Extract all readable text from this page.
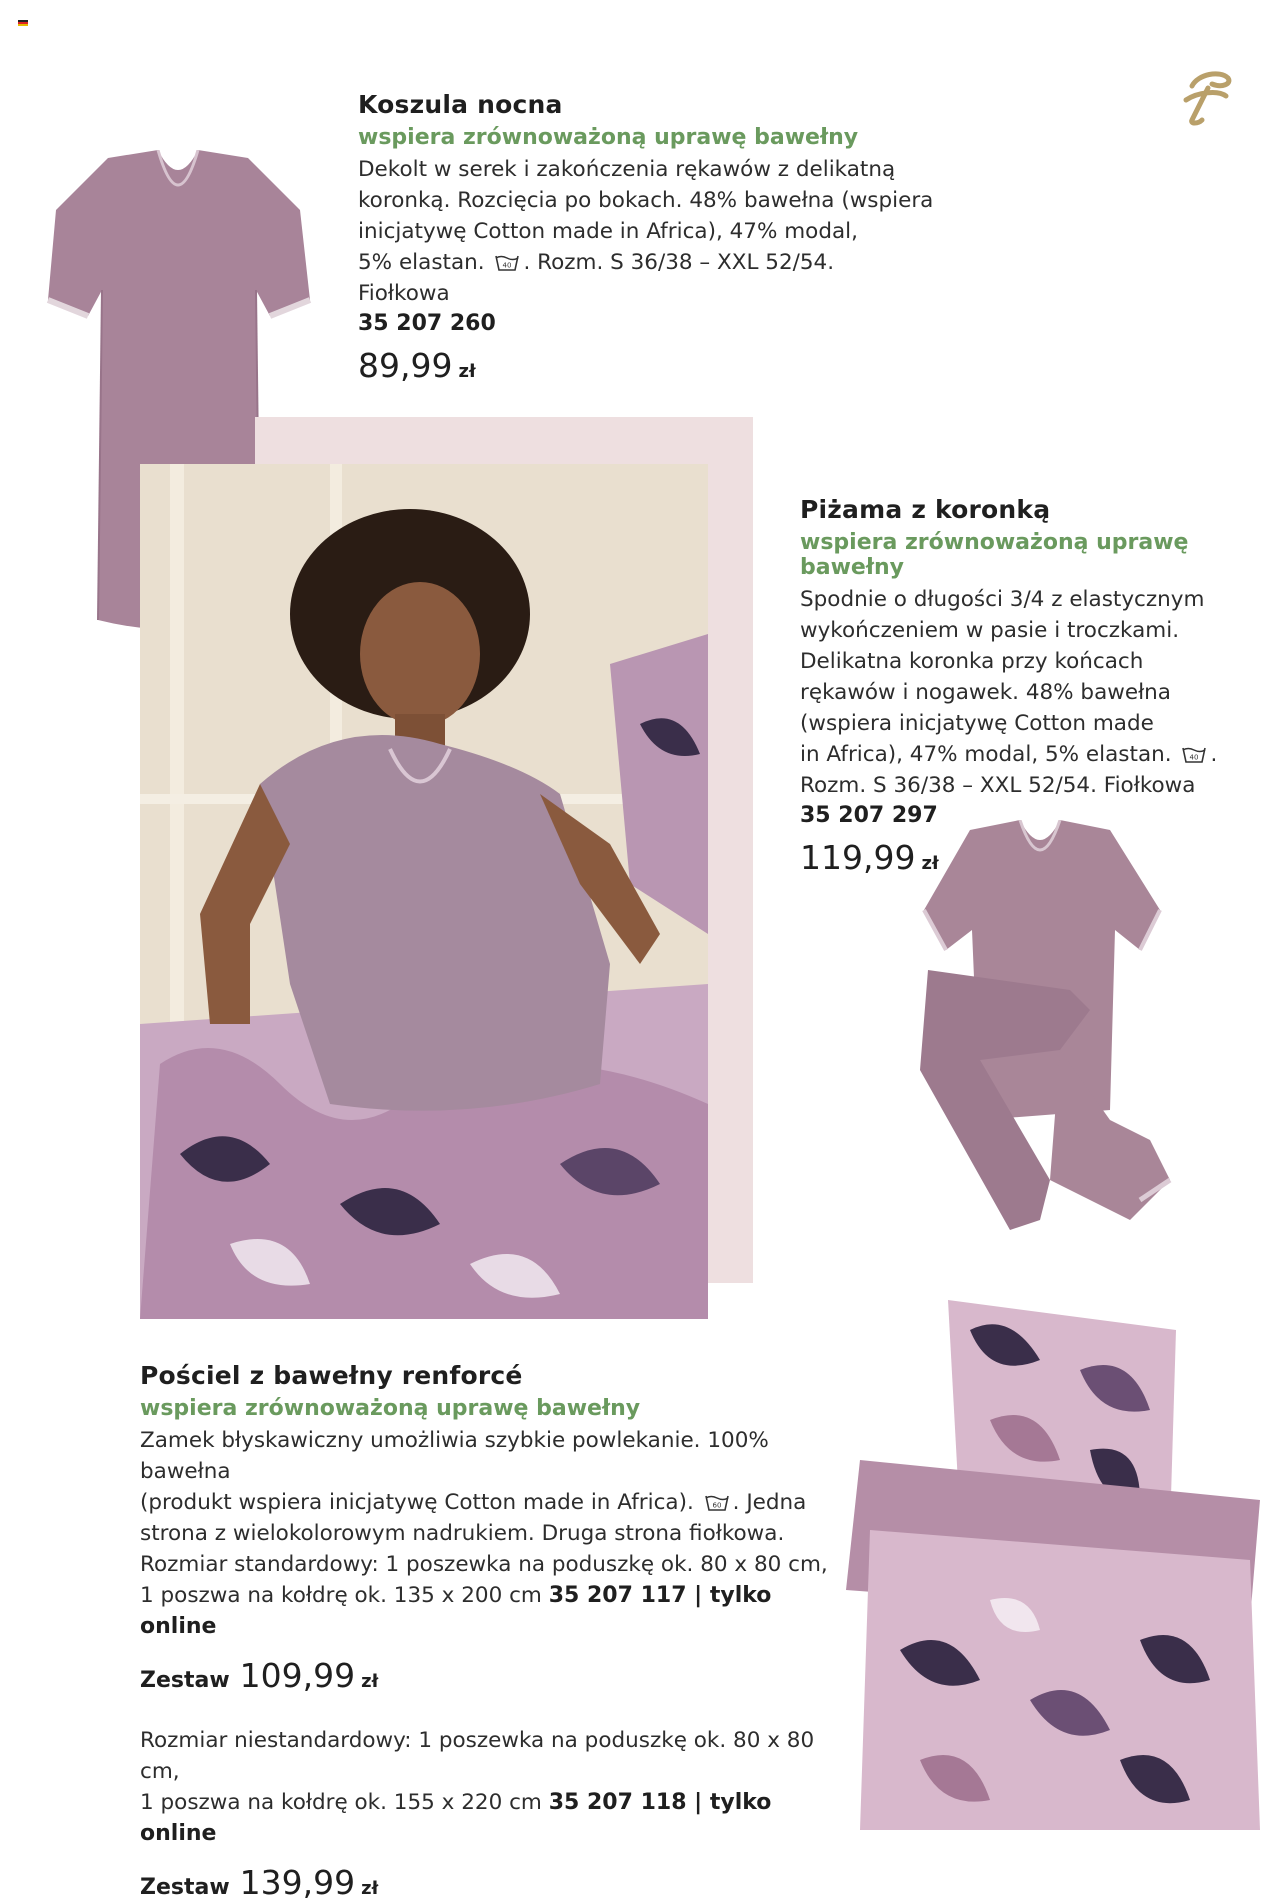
Koszula nocna
wspiera zrównoważoną uprawę bawełny
Dekolt w serek i zakończenia rękawów z delikatną
koronką. Rozcięcia po bokach. 48% bawełna (wspiera
inicjatywę Cotton made in Africa), 47% modal,
5% elastan.	40 . Rozm. S 36/38 – XXL 52/54.
Fiołkowa
35 207 260
89,99 zł
Piżama z koronką
wspiera zrównoważoną uprawę bawełny
Spodnie o długości 3/4 z elastycznym
wykończeniem w pasie i troczkami.
Delikatna koronka przy końcach
rękawów i nogawek. 48% bawełna
(wspiera inicjatywę Cotton made
in Africa), 47% modal, 5% elastan.	40 .
Rozm. S 36/38 – XXL 52/54. Fiołkowa
35 207 297
119,99 zł
Pościel z bawełny renforcé
wspiera zrównoważoną uprawę bawełny
Zamek błyskawiczny umożliwia szybkie powlekanie. 100% bawełna
(produkt wspiera inicjatywę Cotton made in Africa).	60 . Jedna
strona z wielokolorowym nadrukiem. Druga strona fiołkowa.
Rozmiar standardowy: 1 poszewka na poduszkę ok. 80 x 80 cm,
1 poszwa na kołdrę ok. 135 x 200 cm 35 207 117 | tylko online
Zestaw 109,99 zł
Rozmiar niestandardowy: 1 poszewka na poduszkę ok. 80 x 80 cm,
1 poszwa na kołdrę ok. 155 x 220 cm 35 207 118 | tylko online
Zestaw 139,99 zł
